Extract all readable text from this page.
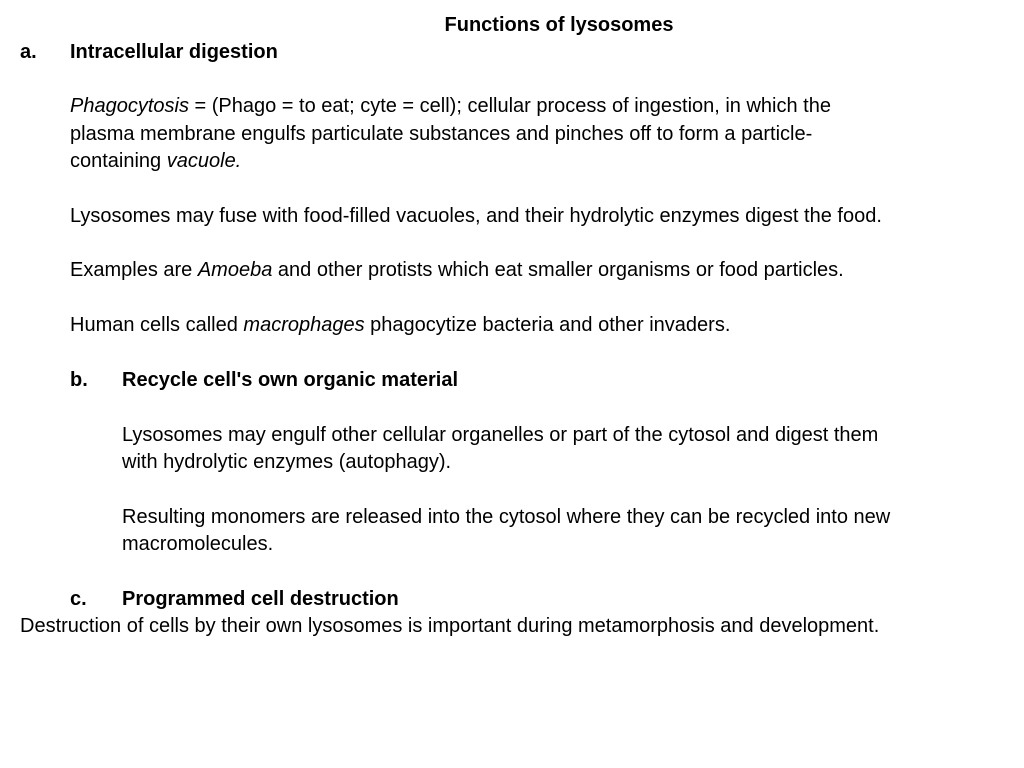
Functions of lysosomes
a. Intracellular digestion
Phagocytosis = (Phago = to eat; cyte = cell); cellular process of ingestion, in which the
plasma membrane engulfs particulate substances and pinches off to form a particle-
containing vacuole.
Lysosomes may fuse with food-filled vacuoles, and their hydrolytic enzymes digest the food.
Examples are Amoeba and other protists which eat smaller organisms or food particles.
Human cells called macrophages phagocytize bacteria and other invaders.
b. Recycle cell's own organic material
Lysosomes may engulf other cellular organelles or part of the cytosol and digest them
with hydrolytic enzymes (autophagy).
Resulting monomers are released into the cytosol where they can be recycled into new
macromolecules.
c. Programmed cell destruction
Destruction of cells by their own lysosomes is important during metamorphosis and development.
